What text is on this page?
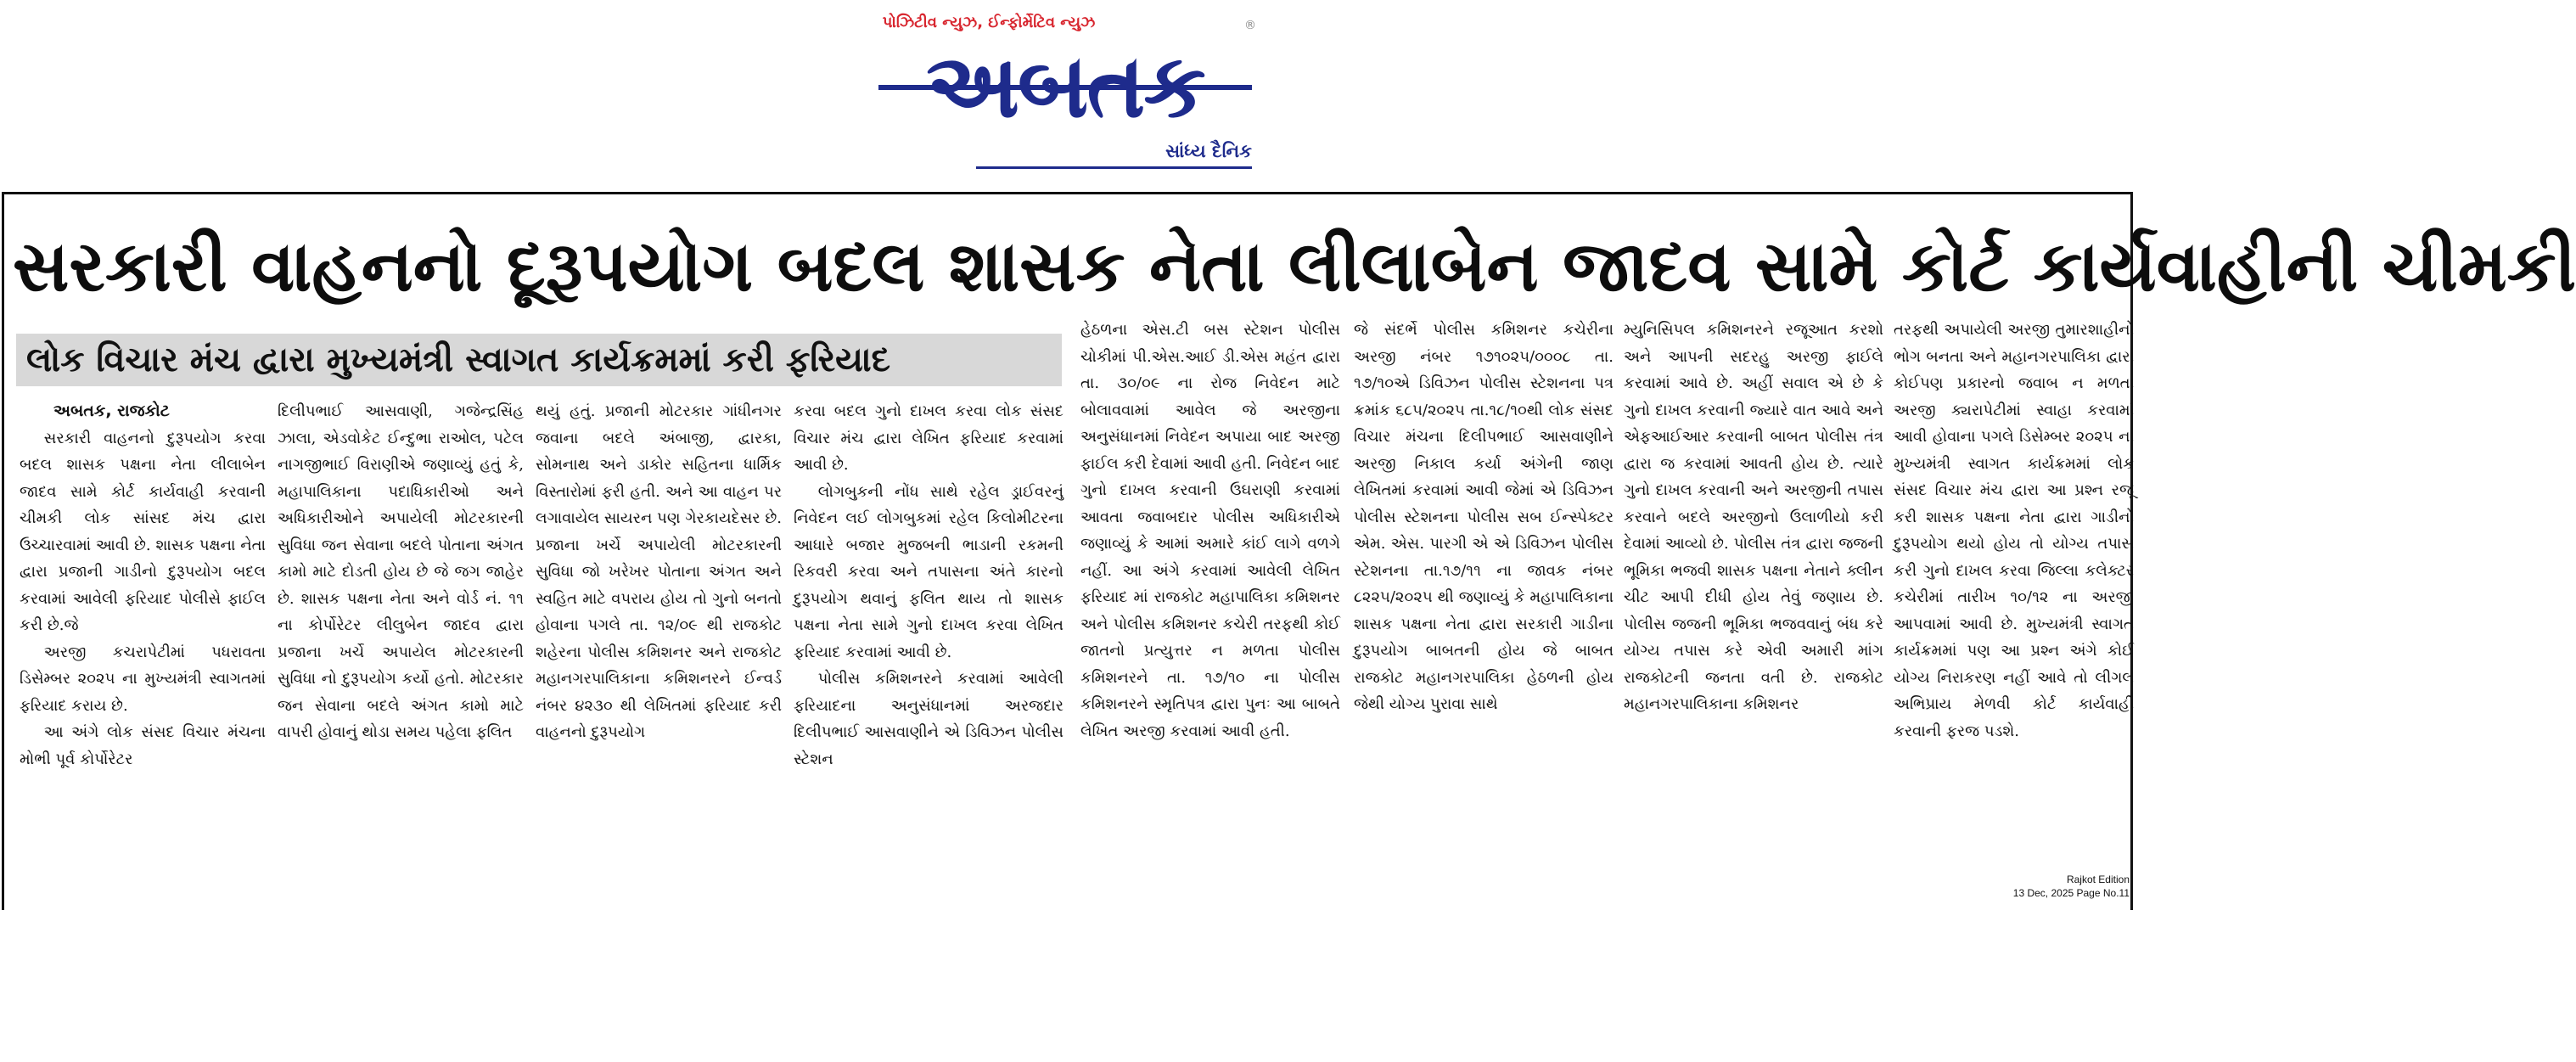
પોઝિટીવ ન્યુઝ, ઈન્ફોર્મેટિવ ન્યુઝ	®
અબતક
સાંધ્ય દૈનિક
સરકારી વાહનનો દૂરૂપયોગ બદલ શાસક નેતા લીલાબેન જાદવ સામે કોર્ટ કાર્યવાહીની ચીમકી
લોક વિચાર મંચ દ્વારા મુખ્યમંત્રી સ્વાગત કાર્યક્રમમાં કરી ફરિયાદ
અબતક, રાજકોટ

સરકારી વાહનનો દુરૂપયોગ કરવા બદલ શાસક પક્ષના નેતા લીલાબેન જાદવ સામે કોર્ટ કાર્યવાહી કરવાની ચીમકી લોક સાંસદ મંચ દ્વારા ઉચ્ચારવામાં આવી છે. શાસક પક્ષના નેતા દ્વારા પ્રજાની ગાડીનો દુરૂપયોગ બદલ કરવામાં આવેલી ફરિયાદ પોલીસે ફાઈલ કરી છે.જે

અરજી કચરાપેટીમાં પધરાવતા ડિસેમ્બર ૨૦૨૫ ના મુખ્યમંત્રી સ્વાગતમાં ફરિયાદ કરાય છે.

આ અંગે લોક સંસદ વિચાર મંચના મોભી પૂર્વ કોર્પોરેટર

દિલીપભાઈ આસવાણી, ગજેન્દ્રસિંહ ઝાલા, એડવોકેટ ઈન્દુભા રાઓલ, પટેલ નાગજીભાઈ વિરાણીએ જણાવ્યું હતું કે, મહાપાલિકાના પદાધિકારીઓ અને અધિકારીઓને અપાયેલી મોટરકારની સુવિધા જન સેવાના બદલે પોતાના અંગત કામો માટે દોડતી હોય છે જે જગ જાહેર છે. શાસક પક્ષના નેતા અને વોર્ડ નં. ૧૧ ના કોર્પોરેટર લીલુબેન જાદવ દ્વારા પ્રજાના ખર્ચે અપાયેલ મોટરકારની સુવિધા નો દુરૂપયોગ કર્યો હતો. મોટરકાર જન સેવાના બદલે અંગત કામો માટે વાપરી હોવાનું થોડા સમય પહેલા ફલિત

થયું હતું. પ્રજાની મોટરકાર ગાંધીનગર જવાના બદલે અંબાજી, દ્વારકા, સોમનાથ અને ડાકોર સહિતના ધાર્મિક વિસ્તારોમાં ફરી હતી. અને આ વાહન પર લગાવાયેલ સાયરન પણ ગેરકાયદેસર છે. પ્રજાના ખર્ચે અપાયેલી મોટરકારની સુવિધા જો ખરેખર પોતાના અંગત અને સ્વહિત માટે વપરાય હોય તો ગુનો બનતો હોવાના પગલે તા. ૧૨/૦૯ થી રાજકોટ શહેરના પોલીસ કમિશનર અને રાજકોટ મહાનગરપાલિકાના કમિશનરને ઈન્વર્ડ નંબર ૪૨૩૦ થી લેખિતમાં ફરિયાદ કરી વાહનનો દુરૂપયોગ

કરવા બદલ ગુનો દાખલ કરવા લોક સંસદ વિચાર મંચ દ્વારા લેખિત ફરિયાદ કરવામાં આવી છે.

લોગબુકની નોંધ સાથે રહેલ ડ્રાઈવરનું નિવેદન લઈ લોગબુકમાં રહેલ કિલોમીટરના આધારે બજાર મુજબની ભાડાની રકમની રિકવરી કરવા અને તપાસના અંતે કારનો દુરૂપયોગ થવાનું ફલિત થાય તો શાસક પક્ષના નેતા સામે ગુનો દાખલ કરવા લેખિત ફરિયાદ કરવામાં આવી છે.

પોલીસ કમિશનરને કરવામાં આવેલી ફરિયાદના અનુસંધાનમાં અરજદાર દિલીપભાઈ આસવાણીને એ ડિવિઝન પોલીસ સ્ટેશન

હેઠળના એસ.ટી બસ સ્ટેશન પોલીસ ચોકીમાં પી.એસ.આઈ ડી.એસ મહંત દ્વારા તા. ૩૦/૦૯ ના રોજ નિવેદન માટે બોલાવવામાં આવેલ જે અરજીના અનુસંધાનમાં નિવેદન અપાયા બાદ અરજી ફાઈલ કરી દેવામાં આવી હતી. નિવેદન બાદ ગુનો દાખલ કરવાની ઉઘરાણી કરવામાં આવતા જવાબદાર પોલીસ અધિકારીએ જણાવ્યું કે આમાં અમારે કાંઈ લાગે વળગે નહીં. આ અંગે કરવામાં આવેલી લેખિત ફરિયાદ માં રાજકોટ મહાપાલિકા કમિશનર અને પોલીસ કમિશનર કચેરી તરફથી કોઈ જાતનો પ્રત્યુત્તર ન મળતા પોલીસ કમિશનરને તા. ૧૭/૧૦ ના પોલીસ કમિશનરને સ્મૃતિપત્ર દ્વારા પુનઃ આ બાબતે લેખિત અરજી કરવામાં આવી હતી.

જે સંદર્ભે પોલીસ કમિશનર કચેરીના અરજી નંબર ૧૭૧૦૨૫/૦૦૦૮ તા. ૧૭/૧૦એ ડિવિઝન પોલીસ સ્ટેશનના પત્ર ક્રમાંક ૬૮૫/૨૦૨૫ તા.૧૮/૧૦થી લોક સંસદ વિચાર મંચના દિલીપભાઈ આસવાણીને અરજી નિકાલ કર્યા અંગેની જાણ લેખિતમાં કરવામાં આવી જેમાં એ ડિવિઝન પોલીસ સ્ટેશનના પોલીસ સબ ઈન્સ્પેક્ટર એમ. એસ. પારગી એ એ ડિવિઝન પોલીસ સ્ટેશનના તા.૧૭/૧૧ ના જાવક નંબર ૮૨૨૫/૨૦૨૫ થી જણાવ્યું કે મહાપાલિકાના શાસક પક્ષના નેતા દ્વારા સરકારી ગાડીના દુરૂપયોગ બાબતની હોય જે બાબત રાજકોટ મહાનગરપાલિકા હેઠળની હોય જેથી યોગ્ય પુરાવા સાથે

મ્યુનિસિપલ કમિશનરને રજૂઆત કરશો અને આપની સદરહુ અરજી ફાઈલે કરવામાં આવે છે. અહીં સવાલ એ છે કે ગુનો દાખલ કરવાની જ્યારે વાત આવે અને એફઆઈઆર કરવાની બાબત પોલીસ તંત્ર દ્વારા જ કરવામાં આવતી હોય છે. ત્યારે ગુનો દાખલ કરવાની અને અરજીની તપાસ કરવાને બદલે અરજીનો ઉલાળીયો કરી દેવામાં આવ્યો છે. પોલીસ તંત્ર દ્વારા જજની ભૂમિકા ભજવી શાસક પક્ષના નેતાને ક્લીન ચીટ આપી દીધી હોય તેવું જણાય છે. પોલીસ જજની ભૂમિકા ભજવવાનું બંધ કરે યોગ્ય તપાસ કરે એવી અમારી માંગ રાજકોટની જનતા વતી છે. રાજકોટ મહાનગરપાલિકાના કમિશનર

તરફથી અપાયેલી અરજી તુમારશાહીનો ભોગ બનતા અને મહાનગરપાલિકા દ્વારા કોઈપણ પ્રકારનો જવાબ ન મળતા અરજી ક્યરાપેટીમાં સ્વાહા કરવામાં આવી હોવાના પગલે ડિસેમ્બર ૨૦૨૫ ના મુખ્યમંત્રી સ્વાગત કાર્યક્રમમાં લોક સંસદ વિચાર મંચ દ્વારા આ પ્રશ્ન રજૂ કરી શાસક પક્ષના નેતા દ્વારા ગાડીનો દુરૂપયોગ થયો હોય તો યોગ્ય તપાસ કરી ગુનો દાખલ કરવા જિલ્લા કલેક્ટર કચેરીમાં તારીખ ૧૦/૧૨ ના અરજી આપવામાં આવી છે. મુખ્યમંત્રી સ્વાગત કાર્યક્રમમાં પણ આ પ્રશ્ન અંગે કોઈ યોગ્ય નિરાકરણ નહીં આવે તો લીગલ અભિપ્રાય મેળવી કોર્ટ કાર્યવાહી કરવાની ફરજ પડશે.

Rajkot Edition
13 Dec, 2025 Page No.11
